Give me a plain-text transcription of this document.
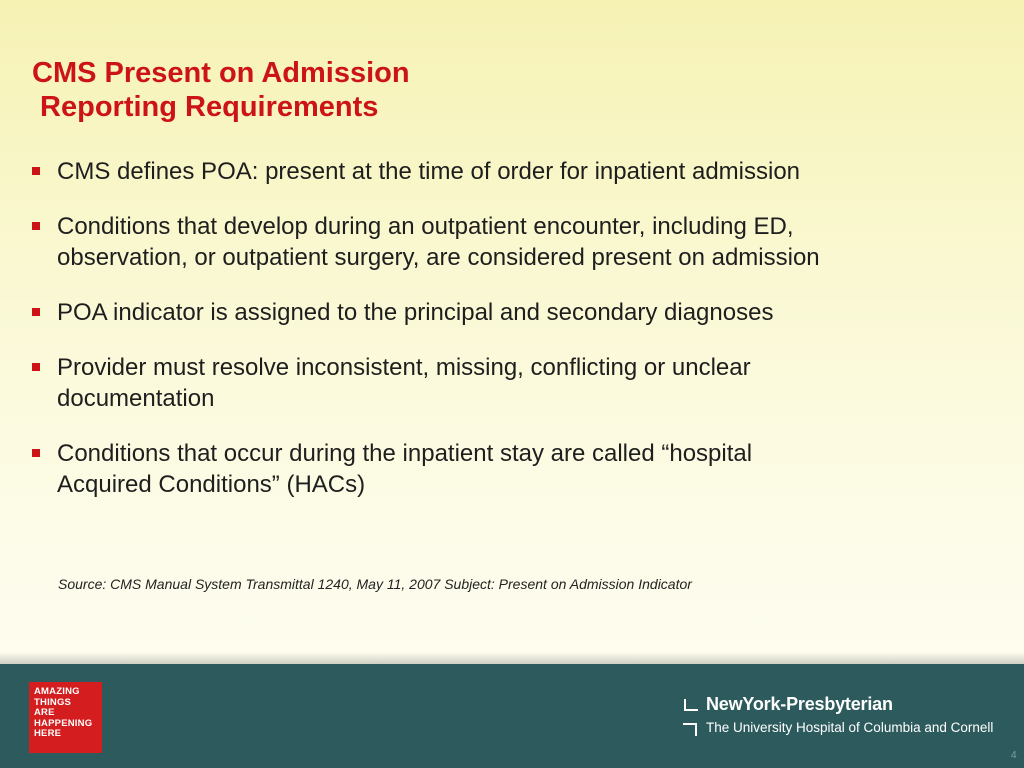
CMS Present on Admission
Reporting Requirements
CMS defines POA: present at the time of order for inpatient admission
Conditions that develop during an outpatient encounter, including ED,
observation, or outpatient surgery, are considered present on admission
POA indicator is assigned to the principal and secondary diagnoses
Provider must resolve inconsistent, missing, conflicting or unclear
documentation
Conditions that occur during the inpatient stay are called “hospital
Acquired Conditions” (HACs)
Source: CMS Manual System Transmittal 1240, May 11, 2007 Subject: Present on Admission Indicator
AMAZING
THINGS
ARE
HAPPENING
HERE
NewYork-Presbyterian
The University Hospital of Columbia and Cornell
4
